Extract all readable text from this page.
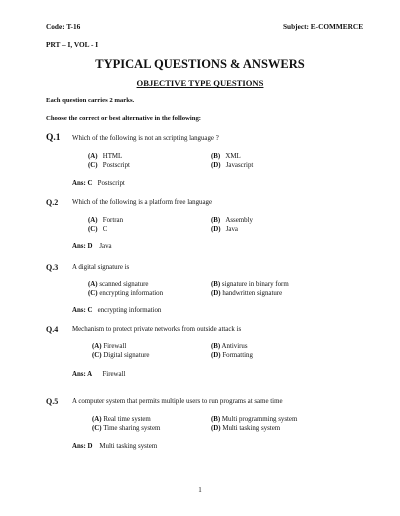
Code: T-16	Subject: E-COMMERCE
PRT – I, VOL - I
TYPICAL QUESTIONS & ANSWERS
OBJECTIVE TYPE QUESTIONS
Each question carries 2 marks.
Choose the correct or best alternative in the following:
Q.1 Which of the following is not an scripting language ?
(A) HTML	(B) XML
(C) Postscript	(D) Javascript
Ans: C Postscript
Q.2 Which of the following is a platform free language
(A) Fortran	(B) Assembly
(C) C	(D) Java
Ans: D Java
Q.3 A digital signature is
(A) scanned signature	(B) signature in binary form
(C) encrypting information	(D) handwritten signature
Ans: C encrypting information
Q.4 Mechanism to protect private networks from outside attack is
(A) Firewall	(B) Antivirus
(C) Digital signature	(D) Formatting
Ans: A Firewall
Q.5 A computer system that permits multiple users to run programs at same time
(A) Real time system	(B) Multi programming system
(C) Time sharing system	(D) Multi tasking system
Ans: D Multi tasking system
1
